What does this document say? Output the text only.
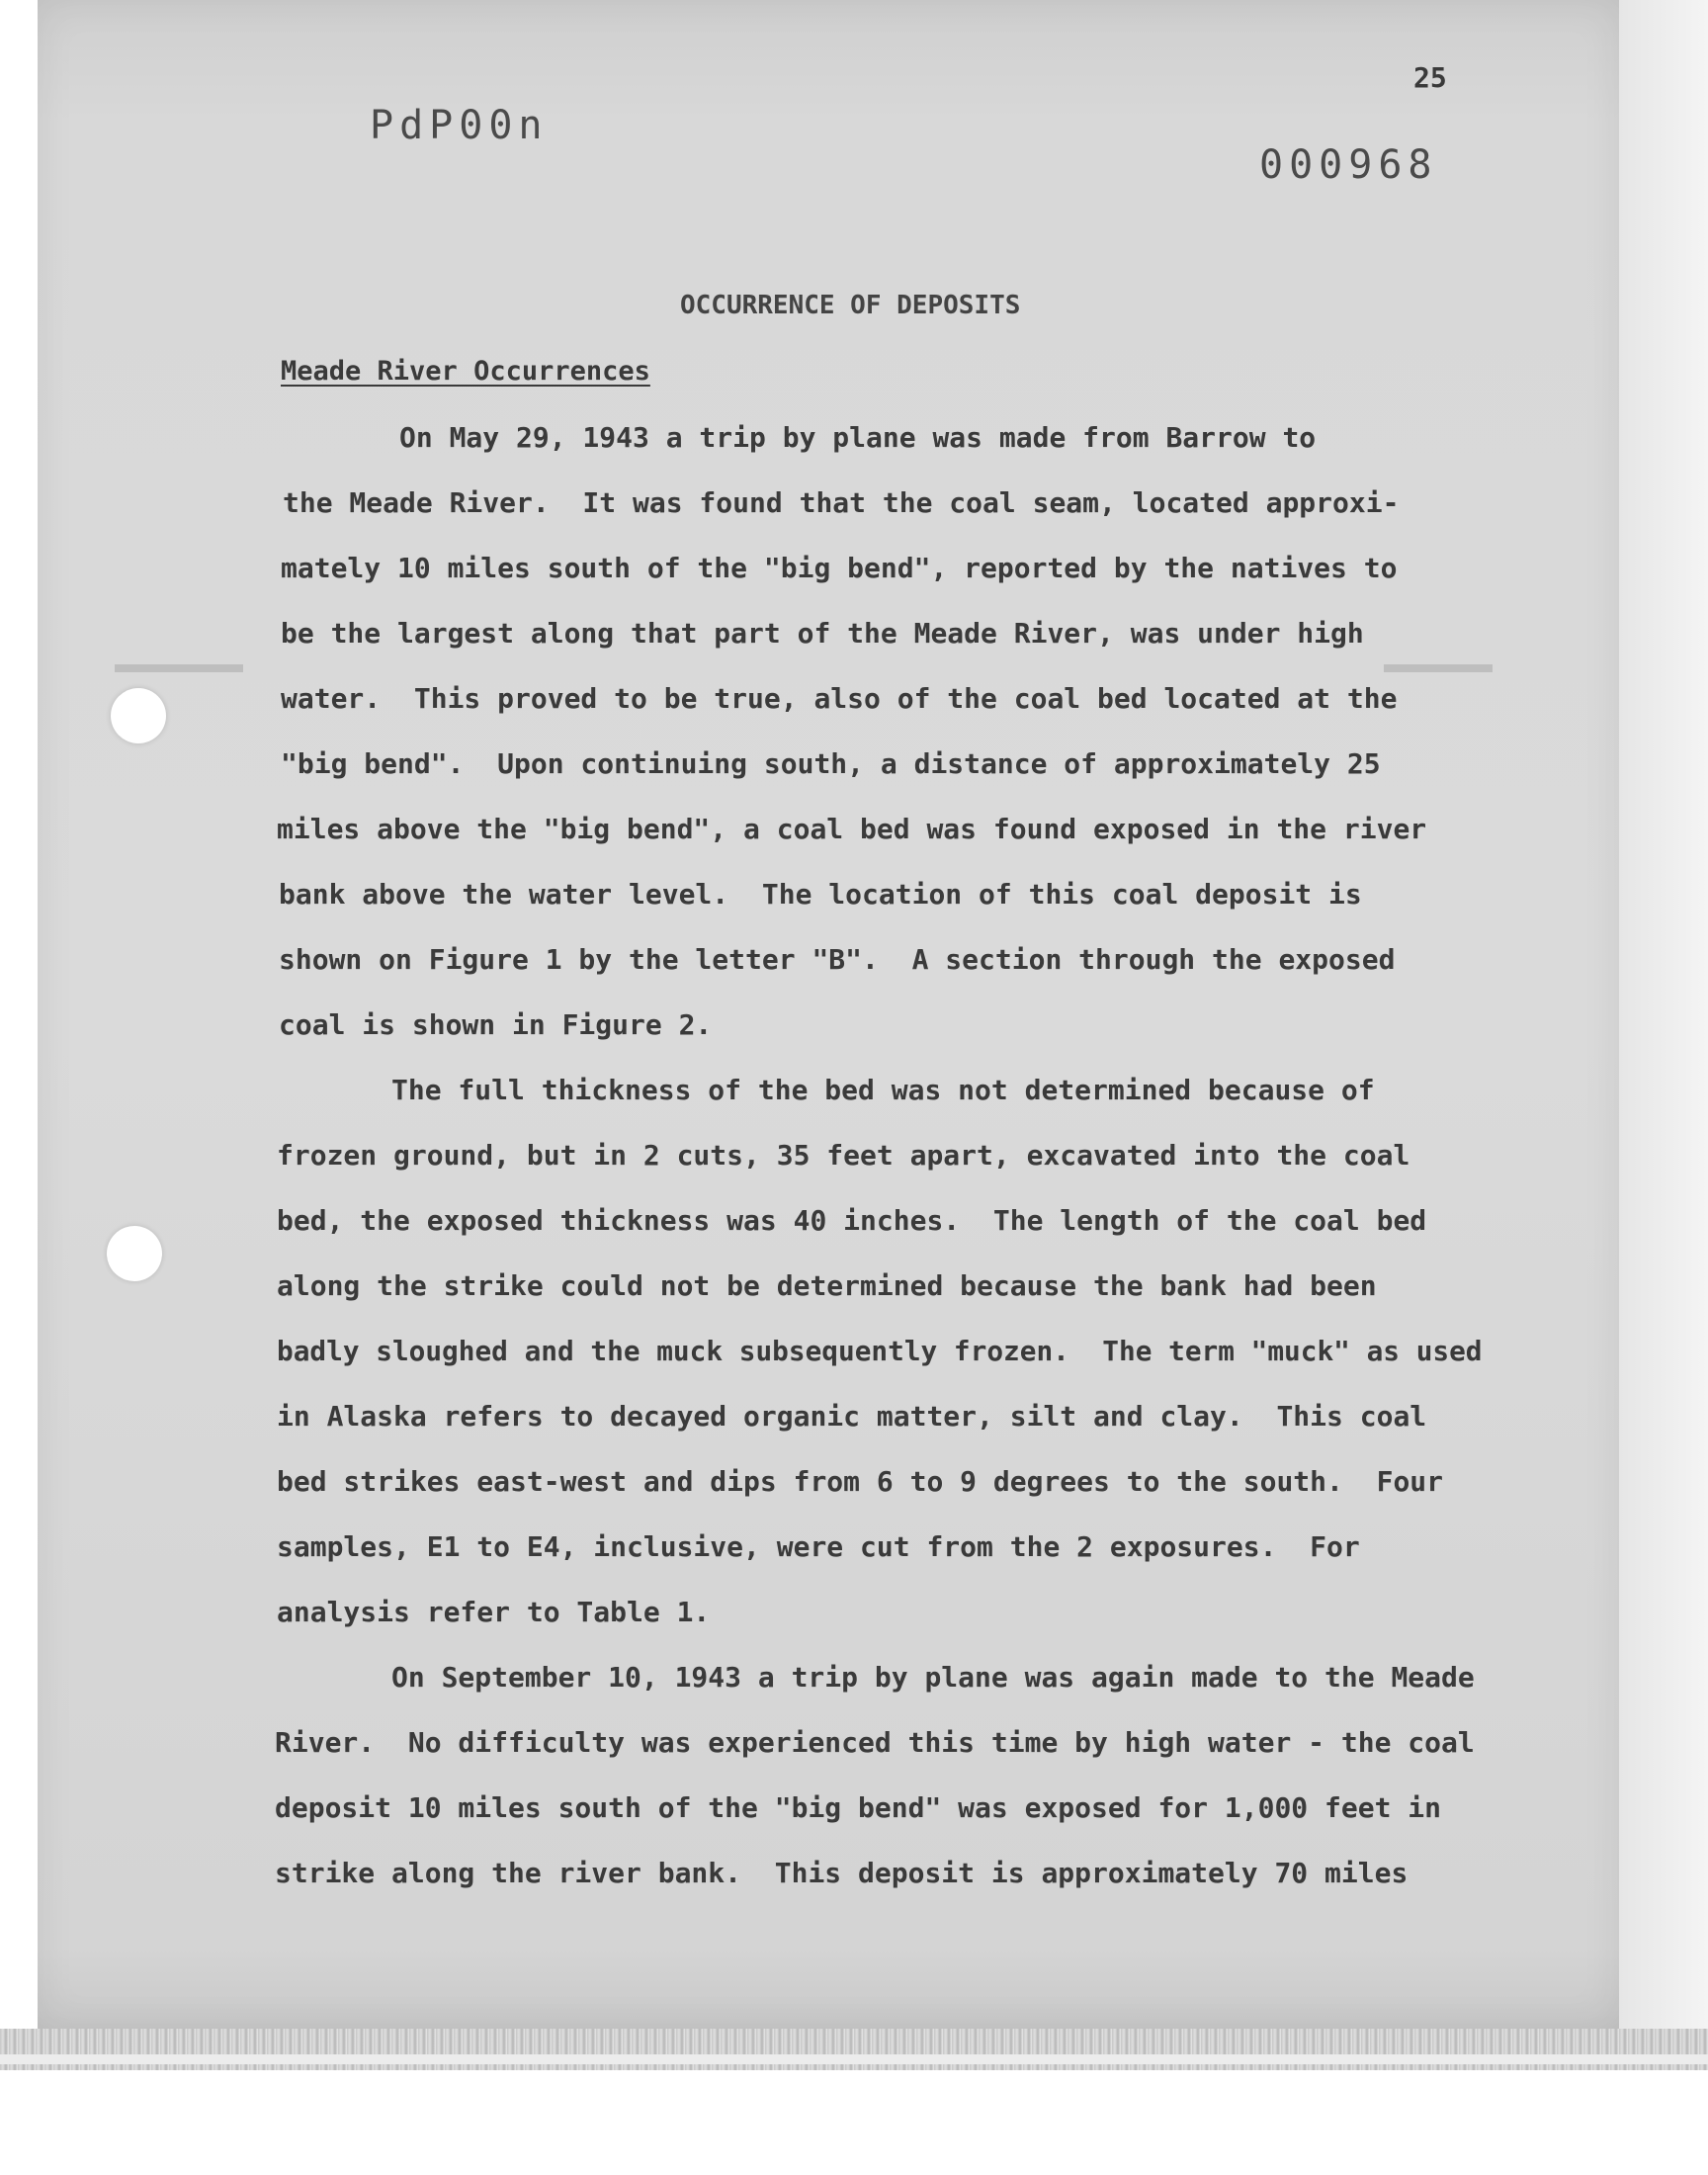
25
PdP00n
000968
OCCURRENCE OF DEPOSITS
Meade River Occurrences
On May 29, 1943 a trip by plane was made from Barrow to
the Meade River.  It was found that the coal seam, located approxi-
mately 10 miles south of the "big bend", reported by the natives to
be the largest along that part of the Meade River, was under high
water.  This proved to be true, also of the coal bed located at the
"big bend".  Upon continuing south, a distance of approximately 25
miles above the "big bend", a coal bed was found exposed in the river
bank above the water level.  The location of this coal deposit is
shown on Figure 1 by the letter "B".  A section through the exposed
coal is shown in Figure 2.
The full thickness of the bed was not determined because of
frozen ground, but in 2 cuts, 35 feet apart, excavated into the coal
bed, the exposed thickness was 40 inches.  The length of the coal bed
along the strike could not be determined because the bank had been
badly sloughed and the muck subsequently frozen.  The term "muck" as used
in Alaska refers to decayed organic matter, silt and clay.  This coal
bed strikes east-west and dips from 6 to 9 degrees to the south.  Four
samples, E1 to E4, inclusive, were cut from the 2 exposures.  For
analysis refer to Table 1.
On September 10, 1943 a trip by plane was again made to the Meade
River.  No difficulty was experienced this time by high water - the coal
deposit 10 miles south of the "big bend" was exposed for 1,000 feet in
strike along the river bank.  This deposit is approximately 70 miles
